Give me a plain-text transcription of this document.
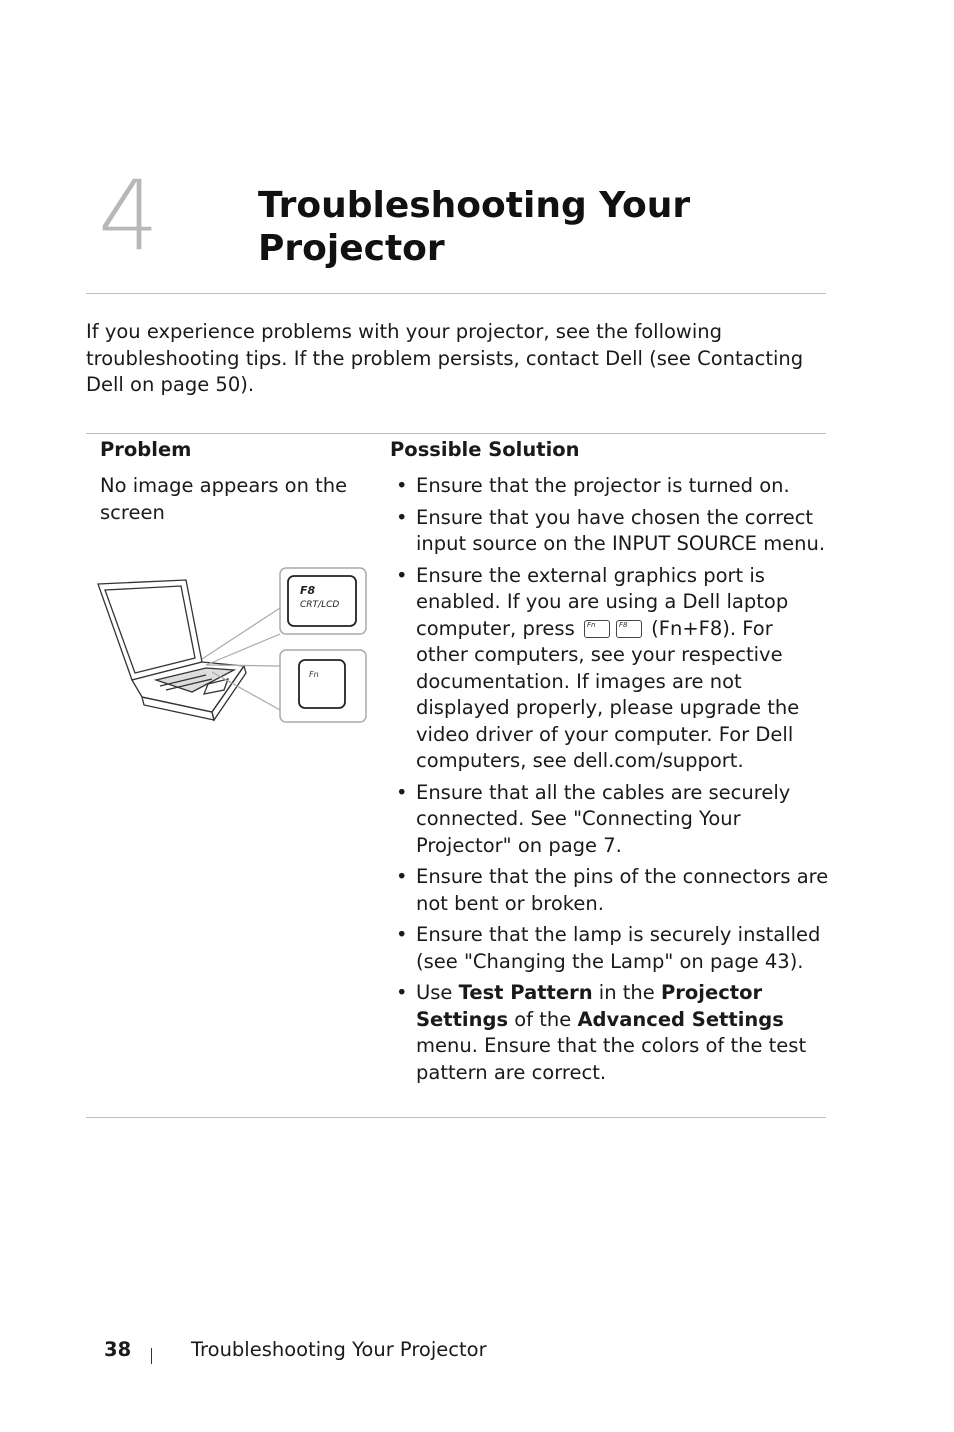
4	Troubleshooting Your
Projector

If you experience problems with your projector, see the following troubleshooting tips. If the problem persists, contact Dell (see Contacting Dell on page 50).

Problem	Possible Solution

No image appears on the screen

F8
CRT/LCD
Fn
• Ensure that the projector is turned on.
• Ensure that you have chosen the correct input source on the INPUT SOURCE menu.
• Ensure the external graphics port is enabled. If you are using a Dell laptop computer, press Fn	F8 (Fn+F8). For other computers, see your respective documentation. If images are not displayed properly, please upgrade the video driver of your computer. For Dell computers, see dell.com/support.
• Ensure that all the cables are securely connected. See "Connecting Your Projector" on page 7.
• Ensure that the pins of the connectors are not bent or broken.
• Ensure that the lamp is securely installed (see "Changing the Lamp" on page 43).
• Use Test Pattern in the Projector Settings of the Advanced Settings menu. Ensure that the colors of the test pattern are correct.
38	Troubleshooting Your Projector
